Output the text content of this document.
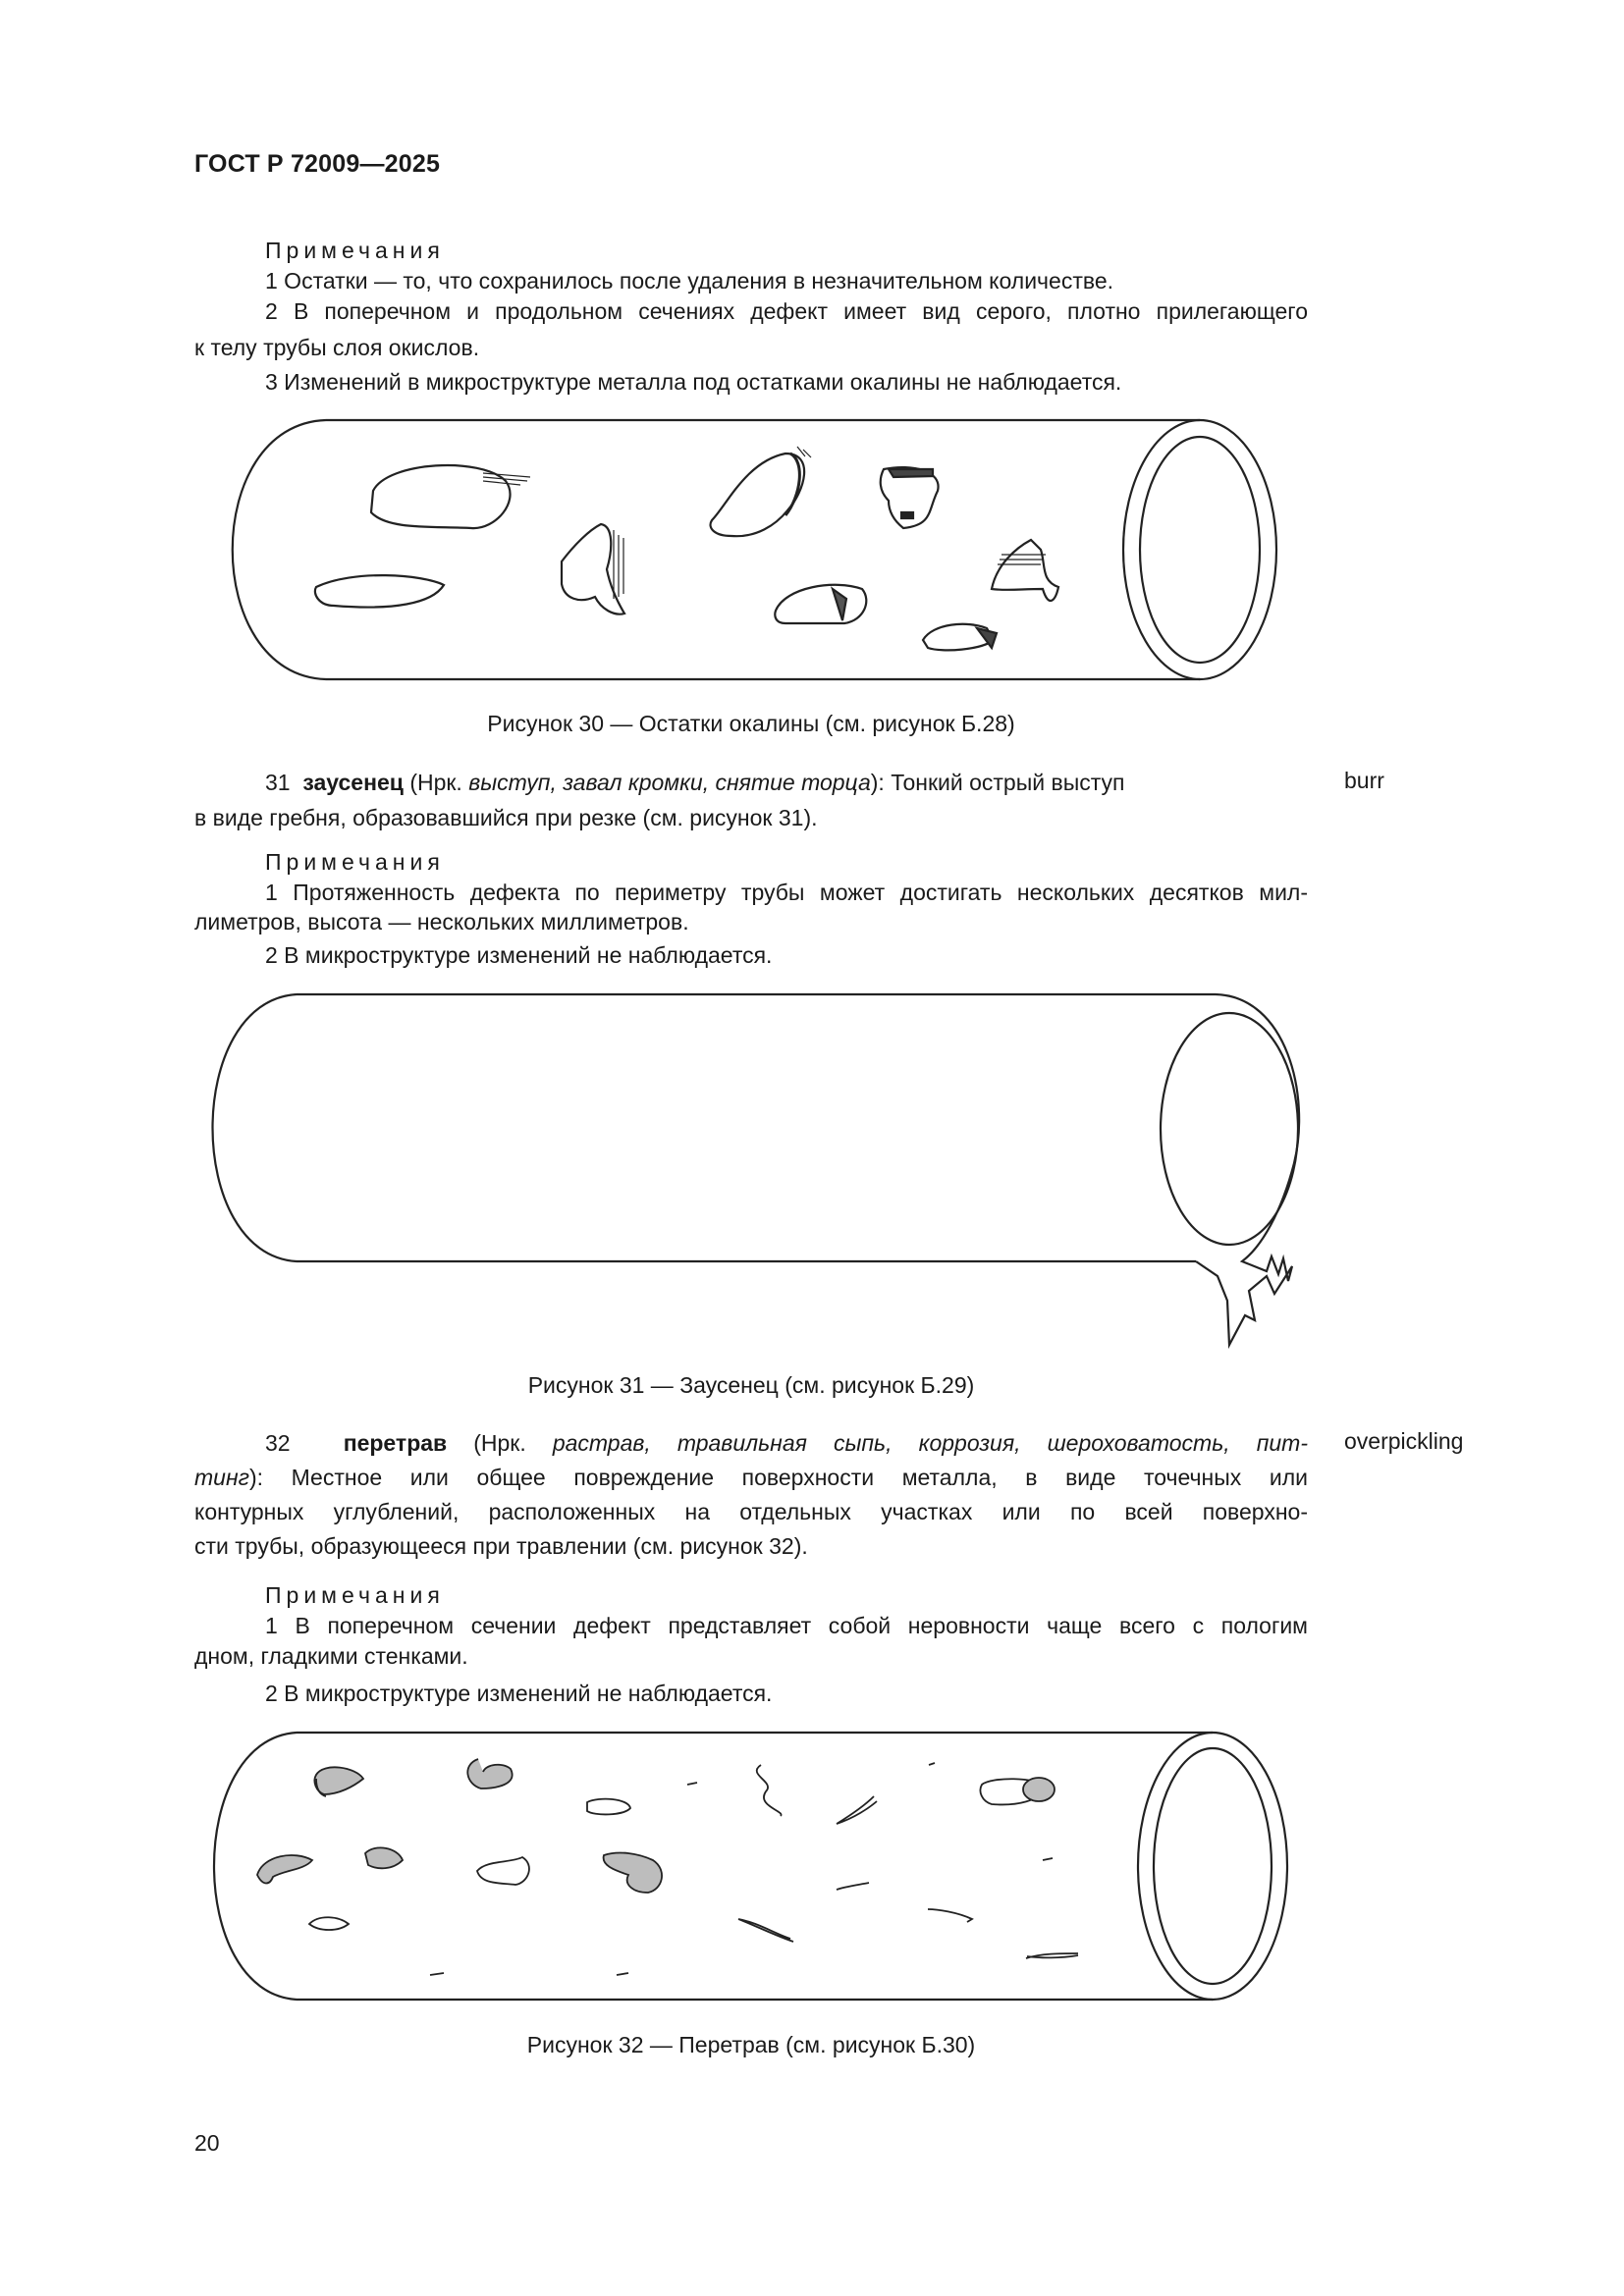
ГОСТ Р 72009—2025
Примечания
1 Остатки — то, что сохранилось после удаления в незначительном количестве.
2 В поперечном и продольном сечениях дефект имеет вид серого, плотно прилегающего
к телу трубы слоя окислов.
3 Изменений в микроструктуре металла под остатками окалины не наблюдается.
Рисунок 30 — Остатки окалины (см. рисунок Б.28)
31 заусенец (Нрк. выступ, завал кромки, снятие торца): Тонкий острый выступ	burr
в виде гребня, образовавшийся при резке (см. рисунок 31).
Примечания
1 Протяженность дефекта по периметру трубы может достигать нескольких десятков мил-
лиметров, высота — нескольких миллиметров.
2 В микроструктуре изменений не наблюдается.
Рисунок 31 — Заусенец (см. рисунок Б.29)
32 перетрав (Нрк. растрав, травильная сыпь, коррозия, шероховатость, пит- overpickling
тинг): Местное или общее повреждение поверхности металла, в виде точечных или
контурных углублений, расположенных на отдельных участках или по всей поверхно-
сти трубы, образующееся при травлении (см. рисунок 32).
Примечания
1 В поперечном сечении дефект представляет собой неровности чаще всего с пологим
дном, гладкими стенками.
2 В микроструктуре изменений не наблюдается.
Рисунок 32 — Перетрав (см. рисунок Б.30)
20
